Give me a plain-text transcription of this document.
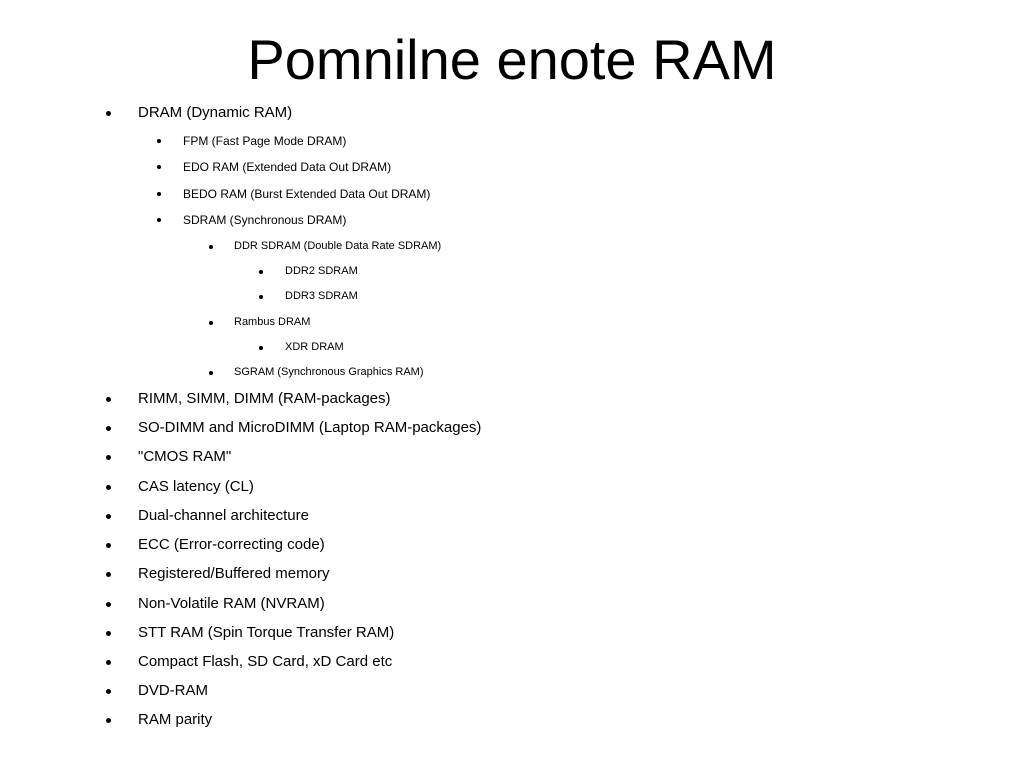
Pomnilne enote RAM
DRAM (Dynamic RAM)
FPM (Fast Page Mode DRAM)
EDO RAM (Extended Data Out DRAM)
BEDO RAM (Burst Extended Data Out DRAM)
SDRAM (Synchronous DRAM)
DDR SDRAM (Double Data Rate SDRAM)
DDR2 SDRAM
DDR3 SDRAM
Rambus DRAM
XDR DRAM
SGRAM (Synchronous Graphics RAM)
RIMM, SIMM, DIMM (RAM-packages)
SO-DIMM and MicroDIMM (Laptop RAM-packages)
"CMOS RAM"
CAS latency (CL)
Dual-channel architecture
ECC (Error-correcting code)
Registered/Buffered memory
Non-Volatile RAM (NVRAM)
STT RAM (Spin Torque Transfer RAM)
Compact Flash, SD Card, xD Card etc
DVD-RAM
RAM parity
